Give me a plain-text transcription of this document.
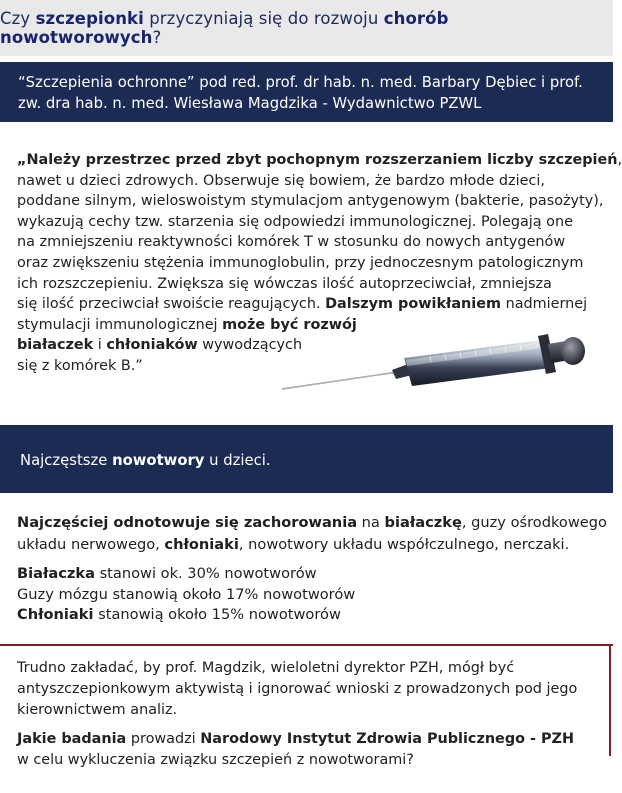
Czy szczepionki przyczyniają się do rozwoju chorób nowotworowych?
“Szczepienia ochronne” pod red. prof. dr hab. n. med. Barbary Dębiec i prof.
zw. dra hab. n. med. Wiesława Magdzika - Wydawnictwo PZWL
„Należy przestrzec przed zbyt pochopnym rozszerzaniem liczby szczepień,
nawet u dzieci zdrowych. Obserwuje się bowiem, że bardzo młode dzieci,
poddane silnym, wieloswoistym stymulacjom antygenowym (bakterie, pasożyty),
wykazują cechy tzw. starzenia się odpowiedzi immunologicznej. Polegają one
na zmniejszeniu reaktywności komórek T w stosunku do nowych antygenów
oraz zwiększeniu stężenia immunoglobulin, przy jednoczesnym patologicznym
ich rozszczepieniu. Zwiększa się wówczas ilość autoprzeciwciał, zmniejsza
się ilość przeciwciał swoiście reagujących. Dalszym powikłaniem nadmiernej
stymulacji immunologicznej może być rozwój
białaczek i chłoniaków wywodzących
się z komórek B.”
Najczęstsze nowotwory u dzieci.
Najczęściej odnotowuje się zachorowania na białaczkę, guzy ośrodkowego
układu nerwowego, chłoniaki, nowotwory układu współczulnego, nerczaki.
Białaczka stanowi ok. 30% nowotworów
Guzy mózgu stanowią około 17% nowotworów
Chłoniaki stanowią około 15% nowotworów
Trudno zakładać, by prof. Magdzik, wieloletni dyrektor PZH, mógł być
antyszczepionkowym aktywistą i ignorować wnioski z prowadzonych pod jego
kierownictwem analiz.
Jakie badania prowadzi Narodowy Instytut Zdrowia Publicznego - PZH
w celu wykluczenia związku szczepień z nowotworami?
